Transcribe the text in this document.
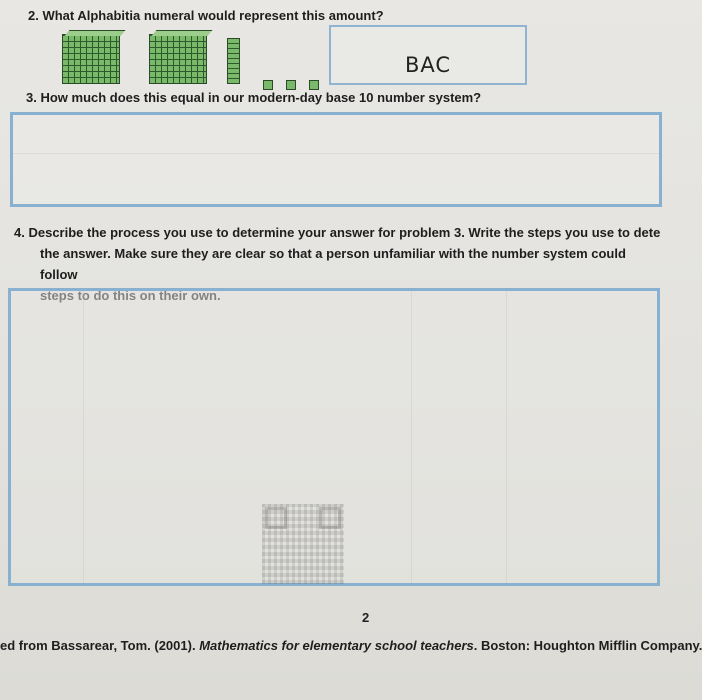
2. What Alphabitia numeral would represent this amount?
BAC
3. How much does this equal in our modern-day base 10 number system?
4. Describe the process you use to determine your answer for problem 3. Write the steps you use to dete
the answer. Make sure they are clear so that a person unfamiliar with the number system could follow
2
ed from Bassarear, Tom. (2001). Mathematics for elementary school teachers. Boston: Houghton Mifflin Company.
